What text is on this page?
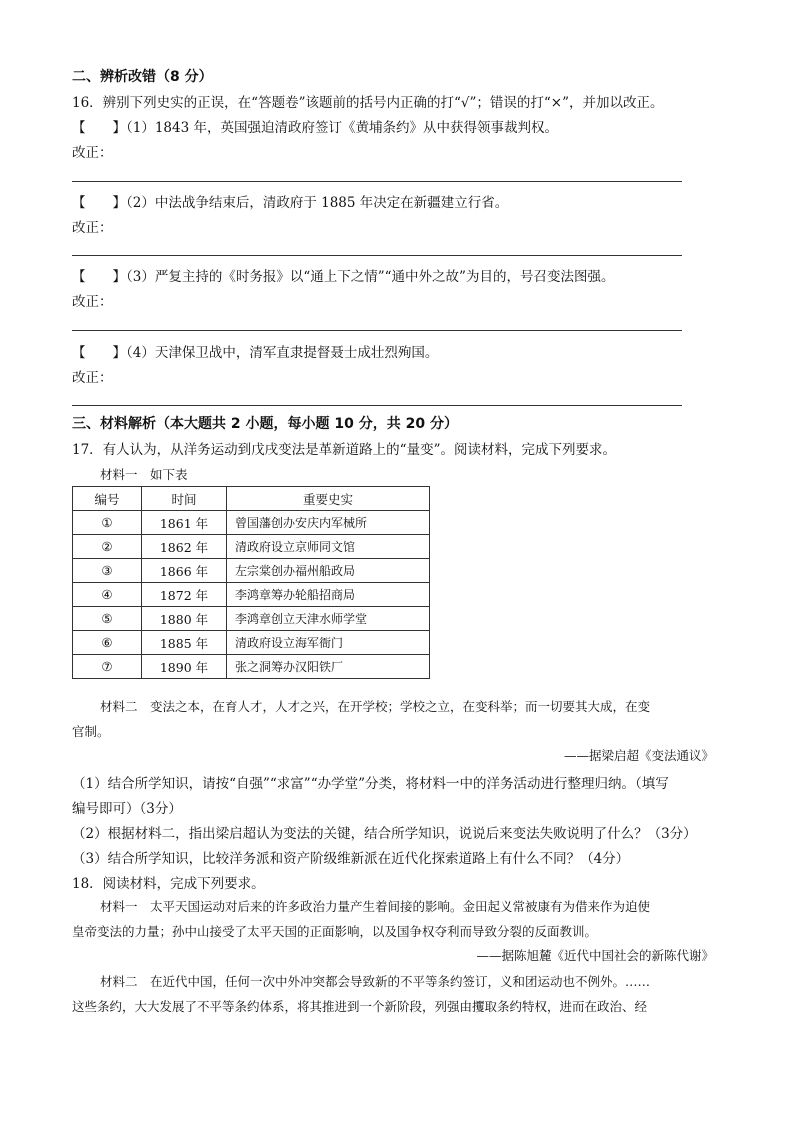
二、辨析改错（8 分）
16．辨别下列史实的正误，在“答题卷”该题前的括号内正确的打“√”；错误的打“×”，并加以改正。
【　　】（1）1843 年，英国强迫清政府签订《黄埔条约》从中获得领事裁判权。
改正：
【　　】（2）中法战争结束后，清政府于 1885 年决定在新疆建立行省。
改正：
【　　】（3）严复主持的《时务报》以“通上下之情”“通中外之故”为目的，号召变法图强。
改正：
【　　】（4）天津保卫战中，清军直隶提督聂士成壮烈殉国。
改正：
三、材料解析（本大题共 2 小题，每小题 10 分，共 20 分）
17．有人认为，从洋务运动到戊戌变法是革新道路上的“量变”。阅读材料，完成下列要求。
材料一　如下表
编号	时间	重要史实
①	1861 年	曾国藩创办安庆内军械所
②	1862 年	清政府设立京师同文馆
③	1866 年	左宗棠创办福州船政局
④	1872 年	李鸿章筹办轮船招商局
⑤	1880 年	李鸿章创立天津水师学堂
⑥	1885 年	清政府设立海军衙门
⑦	1890 年	张之洞筹办汉阳铁厂
材料二　变法之本，在育人才，人才之兴，在开学校；学校之立，在变科举；而一切要其大成，在变
官制。
——据梁启超《变法通议》
（1）结合所学知识，请按“自强”“求富”“办学堂”分类，将材料一中的洋务活动进行整理归纳。（填写
编号即可）（3分）
（2）根据材料二，指出梁启超认为变法的关键，结合所学知识，说说后来变法失败说明了什么？（3分）
（3）结合所学知识，比较洋务派和资产阶级维新派在近代化探索道路上有什么不同？（4分）
18．阅读材料，完成下列要求。
材料一　太平天国运动对后来的许多政治力量产生着间接的影响。金田起义常被康有为借来作为迫使
皇帝变法的力量；孙中山接受了太平天国的正面影响，以及国争权夺利而导致分裂的反面教训。
——据陈旭麓《近代中国社会的新陈代谢》
材料二　在近代中国，任何一次中外冲突都会导致新的不平等条约签订，义和团运动也不例外。……
这些条约，大大发展了不平等条约体系，将其推进到一个新阶段，列强由攫取条约特权，进而在政治、经
